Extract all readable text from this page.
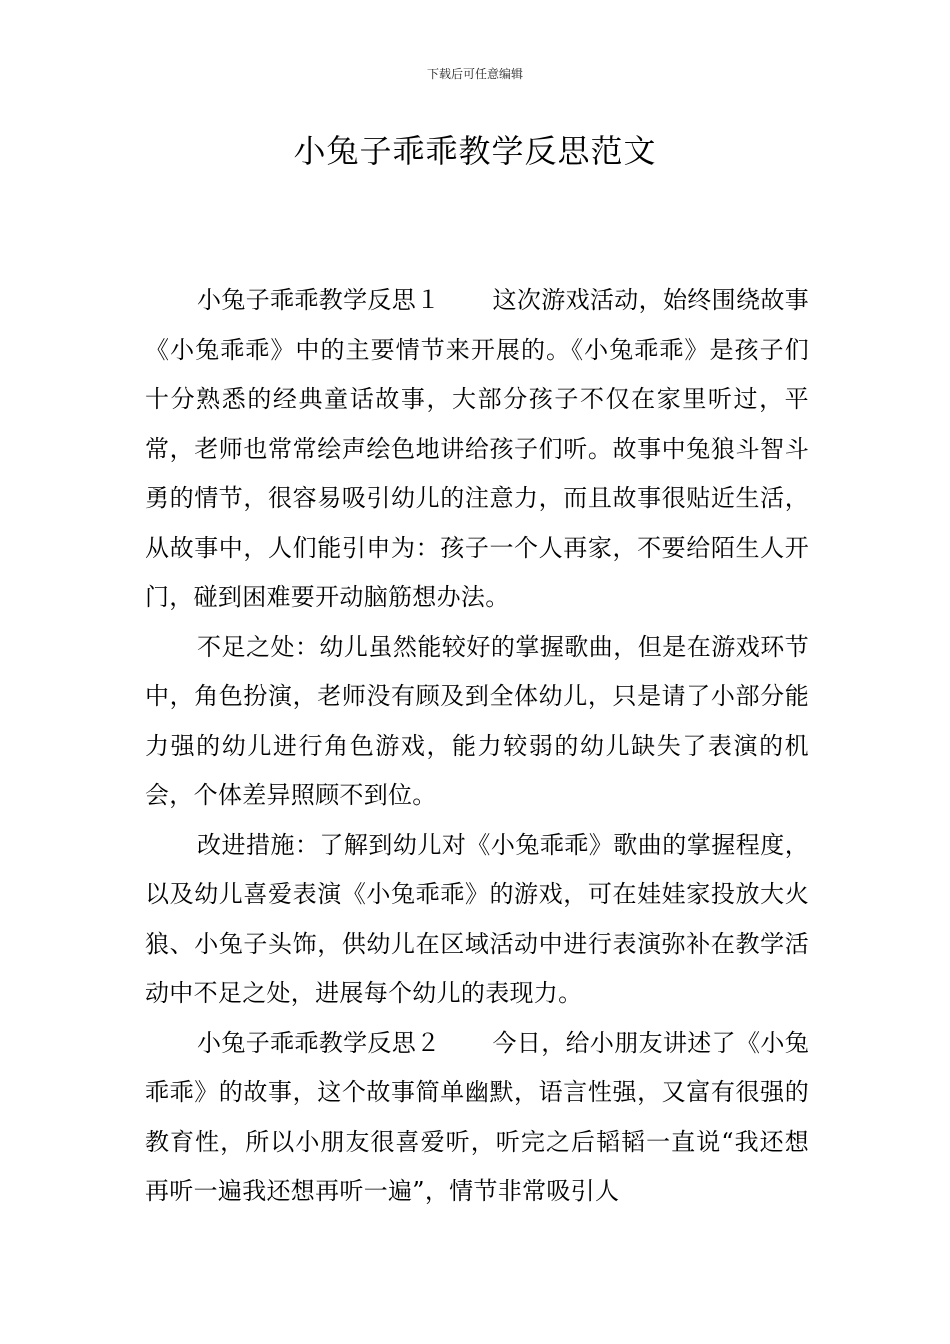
下载后可任意编辑
小兔子乖乖教学反思范文

小兔子乖乖教学反思１ 这次游戏活动，始终围绕故事《小兔乖乖》中的主要情节来开展的。《小兔乖乖》是孩子们十分熟悉的经典童话故事，大部分孩子不仅在家里听过，平常，老师也常常绘声绘色地讲给孩子们听。故事中兔狼斗智斗勇的情节，很容易吸引幼儿的注意力，而且故事很贴近生活，从故事中，人们能引申为：孩子一个人再家，不要给陌生人开门，碰到困难要开动脑筋想办法。

不足之处：幼儿虽然能较好的掌握歌曲，但是在游戏环节中，角色扮演，老师没有顾及到全体幼儿，只是请了小部分能力强的幼儿进行角色游戏，能力较弱的幼儿缺失了表演的机会，个体差异照顾不到位。

改进措施：了解到幼儿对《小兔乖乖》歌曲的掌握程度，以及幼儿喜爱表演《小兔乖乖》的游戏，可在娃娃家投放大火狼、小兔子头饰，供幼儿在区域活动中进行表演弥补在教学活动中不足之处，进展每个幼儿的表现力。

小兔子乖乖教学反思２ 今日，给小朋友讲述了《小兔乖乖》的故事，这个故事简单幽默，语言性强，又富有很强的教育性，所以小朋友很喜爱听，听完之后韬韬一直说“我还想再听一遍我还想再听一遍”，情节非常吸引人
